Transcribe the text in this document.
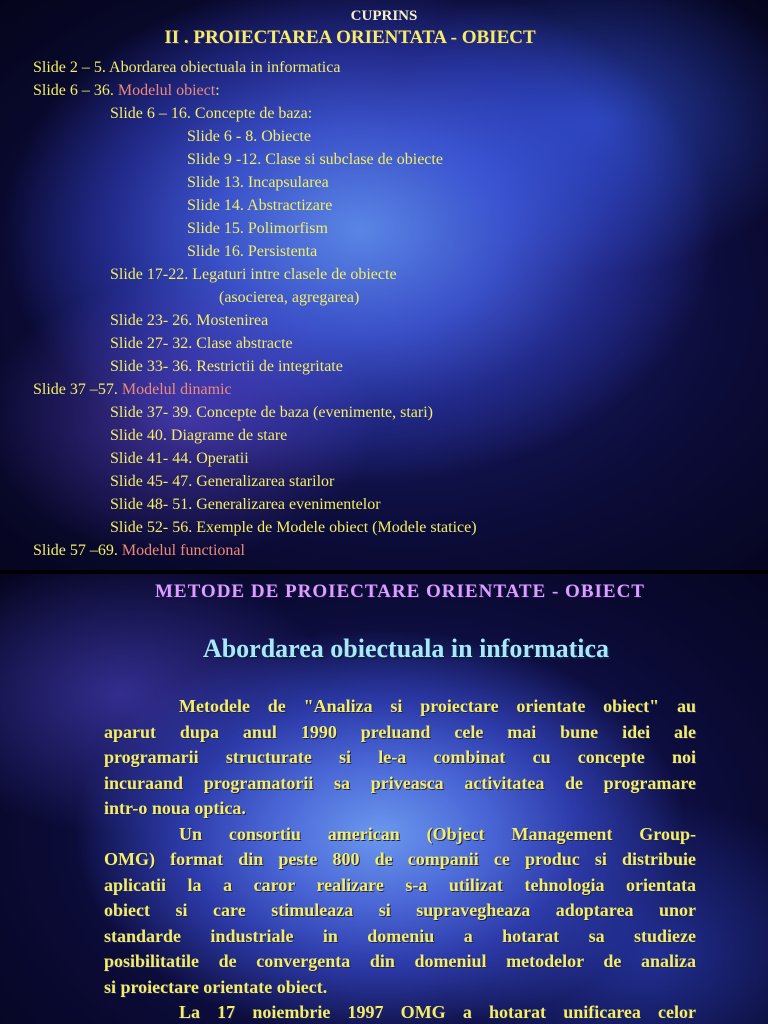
CUPRINS
II . PROIECTAREA ORIENTATA - OBIECT
Slide 2 – 5. Abordarea obiectuala in informatica
Slide 6 – 36. Modelul obiect:
Slide 6 – 16. Concepte de baza:
Slide 6 - 8. Obiecte
Slide 9 -12. Clase si subclase de obiecte
Slide 13. Incapsularea
Slide 14. Abstractizare
Slide 15. Polimorfism
Slide 16. Persistenta
Slide 17-22. Legaturi intre clasele de obiecte
(asocierea, agregarea)
Slide 23- 26. Mostenirea
Slide 27- 32. Clase abstracte
Slide 33- 36. Restrictii de integritate
Slide 37 –57. Modelul dinamic
Slide 37- 39. Concepte de baza (evenimente, stari)
Slide 40. Diagrame de stare
Slide 41- 44. Operatii
Slide 45- 47. Generalizarea starilor
Slide 48- 51. Generalizarea evenimentelor
Slide 52- 56. Exemple de Modele obiect (Modele statice)
Slide 57 –69. Modelul functional
METODE DE PROIECTARE ORIENTATE - OBIECT
Abordarea obiectuala in informatica
Metodele de "Analiza si proiectare orientate obiect" au
aparut dupa anul 1990 preluand cele mai bune idei ale
programarii structurate si le-a combinat cu concepte noi
incuraand programatorii sa priveasca activitatea de programare
intr-o noua optica.
Un consortiu american (Object Management Group-
OMG) format din peste 800 de companii ce produc si distribuie
aplicatii la a caror realizare s-a utilizat tehnologia orientata
obiect si care stimuleaza si supravegheaza adoptarea unor
standarde industriale in domeniu a hotarat sa studieze
posibilitatile de convergenta din domeniul metodelor de analiza
si proiectare orientate obiect.
La 17 noiembrie 1997 OMG a hotarat unificarea celor
